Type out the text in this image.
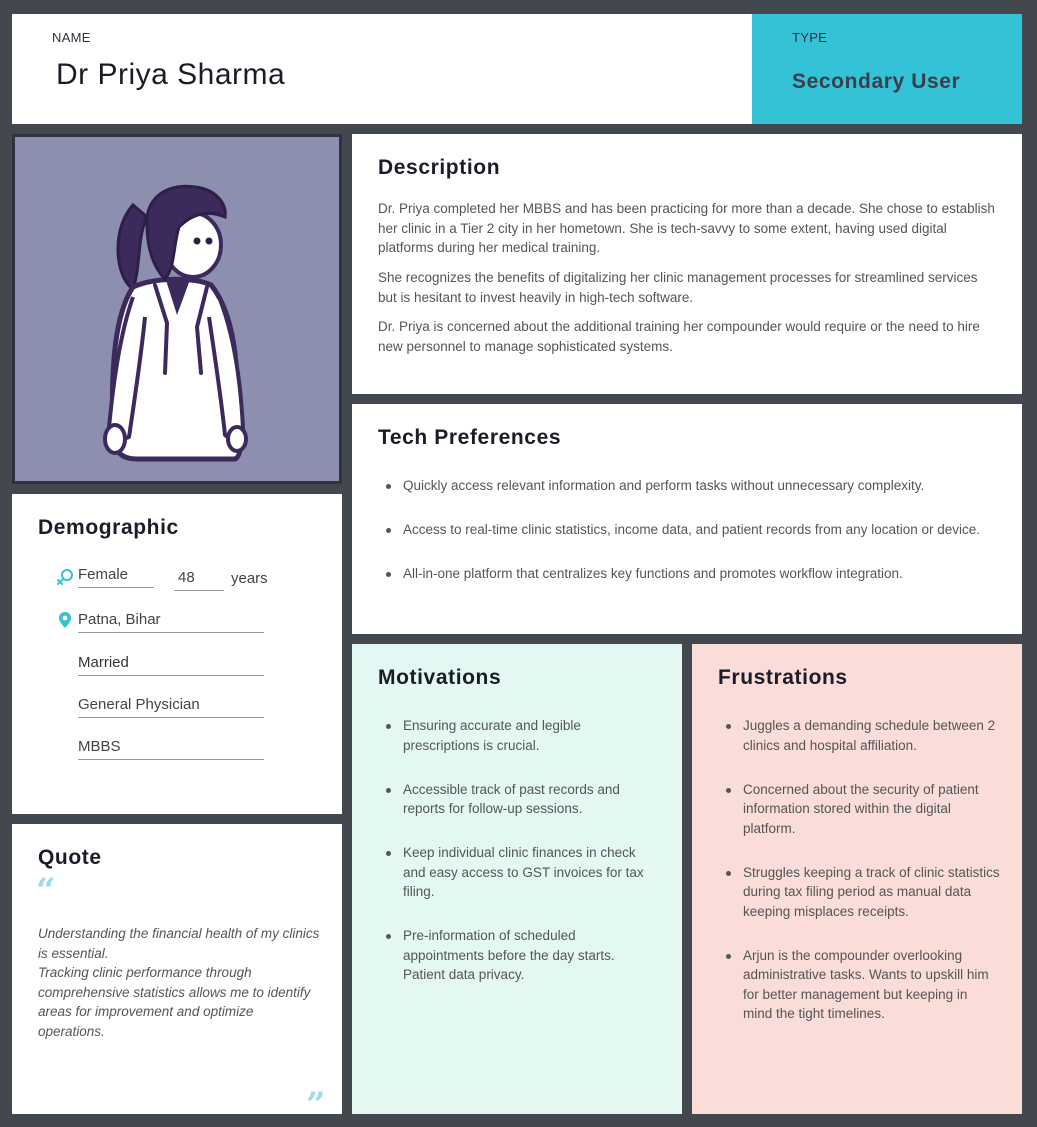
NAME
Dr Priya Sharma
TYPE
Secondary User
Demographic
Female	48	years
Patna, Bihar
Married
General Physician
MBBS
Quote
“
Understanding the financial health of my clinics is essential.
Tracking clinic performance through comprehensive statistics allows me to identify areas for improvement and optimize operations.
”
Description
Dr. Priya completed her MBBS and has been practicing for more than a decade. She chose to establish her clinic in a Tier 2 city in her hometown. She is tech-savvy to some extent, having used digital platforms during her medical training.
She recognizes the benefits of digitalizing her clinic management processes for streamlined services but is hesitant to invest heavily in high-tech software.
Dr. Priya is concerned about the additional training her compounder would require or the need to hire new personnel to manage sophisticated systems.
Tech Preferences
Quickly access relevant information and perform tasks without unnecessary complexity.
Access to real-time clinic statistics, income data, and patient records from any location or device.
All-in-one platform that centralizes key functions and promotes workflow integration.
Motivations
Ensuring accurate and legible prescriptions is crucial.
Accessible track of past records and reports for follow-up sessions.
Keep individual clinic finances in check and easy access to GST invoices for tax filing.
Pre-information of scheduled appointments before the day starts. Patient data privacy.
Frustrations
Juggles a demanding schedule between 2 clinics and hospital affiliation.
Concerned about the security of patient information stored within the digital platform.
Struggles keeping a track of clinic statistics during tax filing period as manual data keeping misplaces receipts.
Arjun is the compounder overlooking administrative tasks. Wants to upskill him for better management but keeping in mind the tight timelines.
